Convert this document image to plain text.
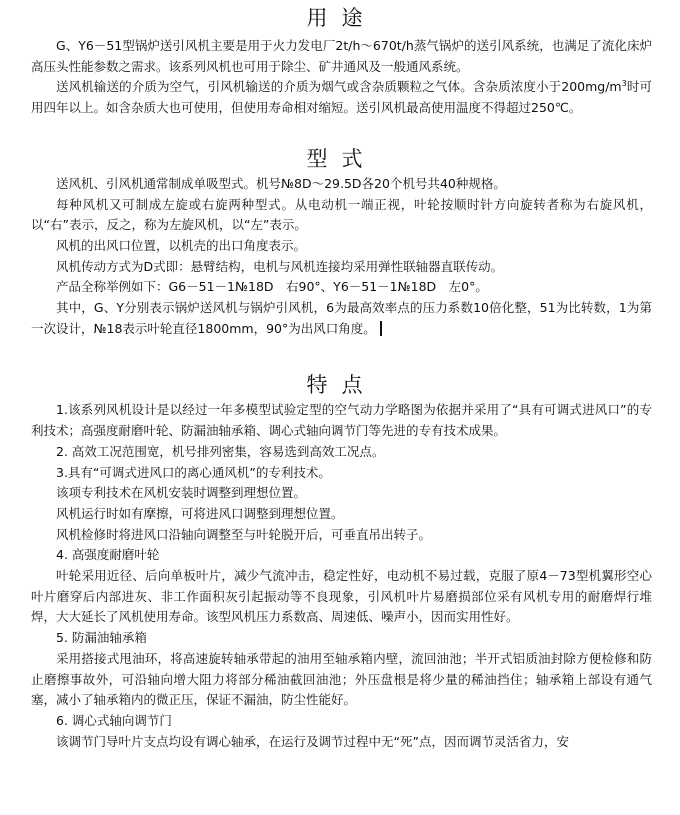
用途

G、Y6－51型锅炉送引风机主要是用于火力发电厂2t/h～670t/h蒸气锅炉的送引风系统，也满足了流化床炉高压头性能参数之需求。该系列风机也可用于除尘、矿井通风及一般通风系统。

送风机输送的介质为空气，引风机输送的介质为烟气或含杂质颗粒之气体。含杂质浓度小于$200mg/m^3$时可用四年以上。如含杂质大也可使用，但使用寿命相对缩短。送引风机最高使用温度不得超过250℃。

型式

送风机、引风机通常制成单吸型式。机号№8D～29.5D各20个机号共40种规格。

每种风机又可制成左旋或右旋两种型式。从电动机一端正视，叶轮按顺时针方向旋转者称为右旋风机，以“右”表示，反之，称为左旋风机，以“左”表示。

风机的出风口位置，以机壳的出口角度表示。

风机传动方式为D式即：悬臂结构，电机与风机连接均采用弹性联轴器直联传动。

产品全称举例如下：G6－51－1№18D　右90°、Y6－51－1№18D　左0°。

其中，G、Y分别表示锅炉送风机与锅炉引风机，6为最高效率点的压力系数10倍化整，51为比转数，1为第一次设计，№18表示叶轮直径1800mm，90°为出风口角度。

特点

1.该系列风机设计是以经过一年多模型试验定型的空气动力学略图为依据并采用了“具有可调式进风口”的专利技术；高强度耐磨叶轮、防漏油轴承箱、调心式轴向调节门等先进的专有技术成果。

2. 高效工况范围宽，机号排列密集，容易选到高效工况点。

3.具有“可调式进风口的离心通风机”的专利技术。

该项专利技术在风机安装时调整到理想位置。

风机运行时如有摩擦，可将进风口调整到理想位置。

风机检修时将进风口沿轴向调整至与叶轮脱开后，可垂直吊出转子。

4. 高强度耐磨叶轮

叶轮采用近径、后向单板叶片，减少气流冲击，稳定性好，电动机不易过载，克服了原4－73型机翼形空心叶片磨穿后内部进灰、非工作面积灰引起振动等不良现象，引风机叶片易磨损部位采有风机专用的耐磨焊行堆焊，大大延长了风机使用寿命。该型风机压力系数高、周速低、噪声小，因而实用性好。

5. 防漏油轴承箱

采用搭接式甩油环，将高速旋转轴承带起的油用至轴承箱内壁，流回油池；半开式铝质油封除方便检修和防止磨擦事故外，可沿轴向增大阻力将部分稀油截回油池；外压盘根是将少量的稀油挡住；轴承箱上部设有通气塞，减小了轴承箱内的微正压，保证不漏油，防尘性能好。

6. 调心式轴向调节门

该调节门导叶片支点均设有调心轴承，在运行及调节过程中无“死”点，因而调节灵活省力，安
